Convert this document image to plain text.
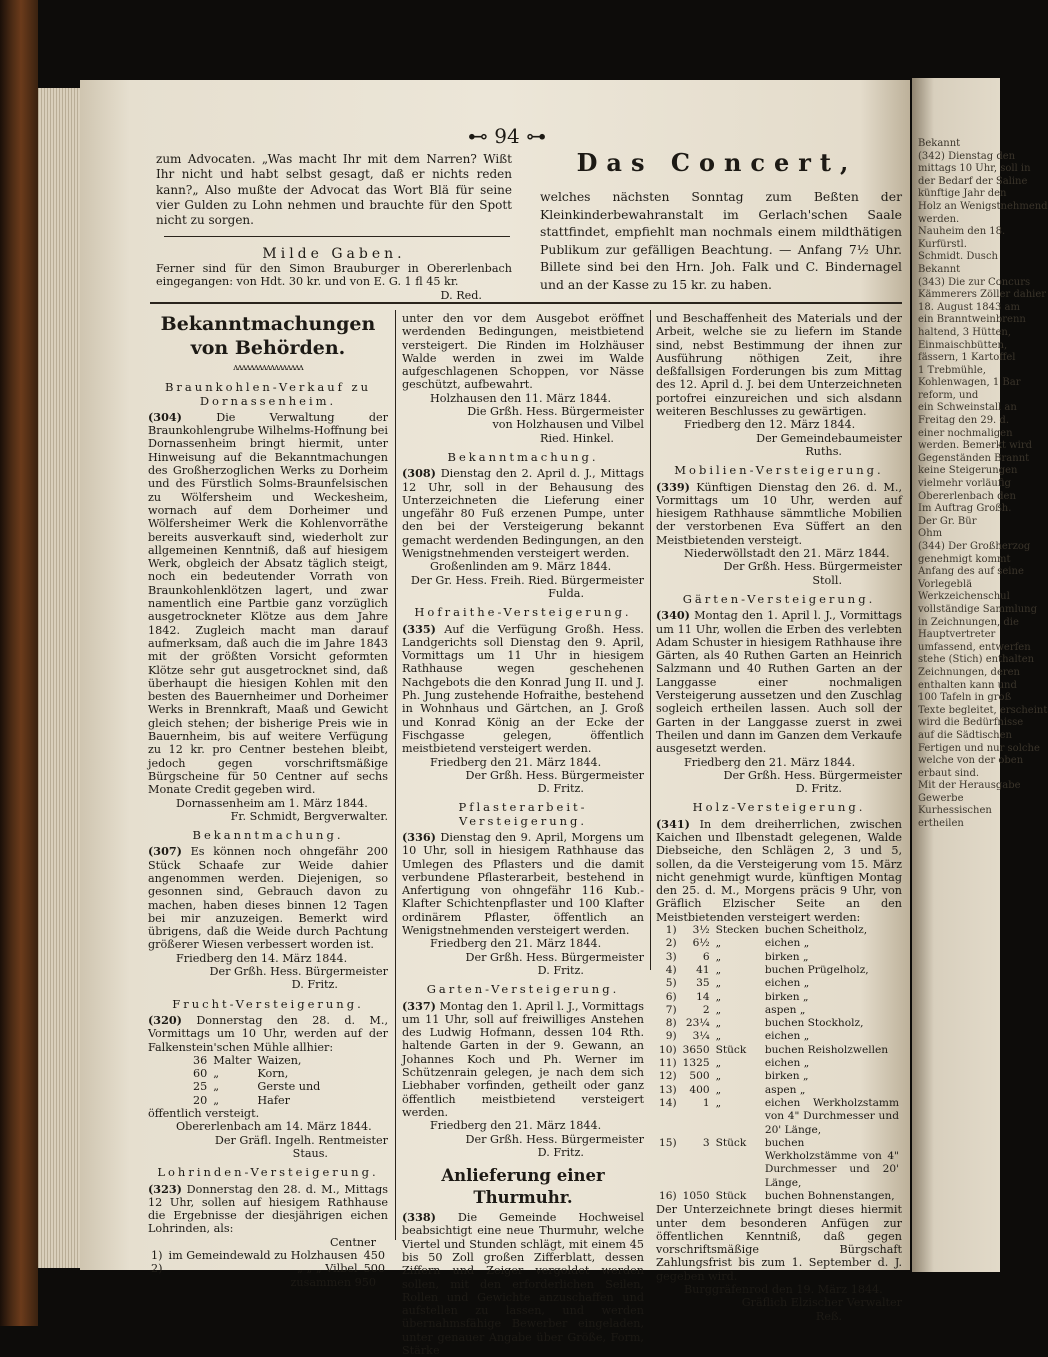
⊷ 94 ⊶

zum Advocaten. „Was macht Ihr mit dem Narren? Wißt Ihr nicht und habt selbst gesagt, daß er nichts reden kann?„ Also mußte der Advocat das Wort Blä für seine vier Gulden zu Lohn nehmen und brauchte für den Spott nicht zu sorgen.

Milde Gaben.

Ferner sind für den Simon Brauburger in Obererlenbach eingegangen: von Hdt. 30 kr. und von E. G. 1 fl 45 kr.

D. Red.

Das Concert,

welches nächsten Sonntag zum Beßten der Kleinkinderbewahranstalt im Gerlach'schen Saale stattfindet, empfiehlt man nochmals einem mildthätigen Publikum zur gefälligen Beachtung. — Anfang 7½ Uhr. Billete sind bei den Hrn. Joh. Falk und C. Bindernagel und an der Kasse zu 15 kr. zu haben.

Bekanntmachungen von Behörden.
ʌʌʌʌʌʌʌʌʌʌʌʌʌʌʌʌʌ
Braunkohlen-Verkauf zu Dornassenheim.

(304)	Die Verwaltung der Braunkohlengrube Wilhelms-Hoffnung bei Dornassenheim bringt hiermit, unter Hinweisung auf die Bekanntmachungen des Großherzoglichen Werks zu Dorheim und des Fürstlich Solms-Braunfelsischen zu Wölfersheim und Weckesheim, wornach auf dem Dorheimer und Wölfersheimer Werk die Kohlenvorräthe bereits ausverkauft sind, wiederholt zur allgemeinen Kenntniß, daß auf hiesigem Werk, obgleich der Absatz täglich steigt, noch ein bedeutender Vorrath von Braunkohlenklötzen lagert, und zwar namentlich eine Partbie ganz vorzüglich ausgetrockneter Klötze aus dem Jahre 1842. Zugleich macht man darauf aufmerksam, daß auch die im Jahre 1843 mit der größten Vorsicht geformten Klötze sehr gut ausgetrocknet sind, daß überhaupt die hiesigen Kohlen mit den besten des Bauernheimer und Dorheimer Werks in Brennkraft, Maaß und Gewicht gleich stehen; der bisherige Preis wie in Bauernheim, bis auf weitere Verfügung zu 12 kr. pro Centner bestehen bleibt, jedoch gegen vorschriftsmäßige Bürgscheine für 50 Centner auf sechs Monate Credit gegeben wird.

Dornassenheim am 1. März 1844.

Fr. Schmidt, Bergverwalter.

Bekanntmachung.

(307) Es können noch ohngefähr 200 Stück Schaafe zur Weide dahier angenommen werden. Diejenigen, so gesonnen sind, Gebrauch davon zu machen, haben dieses binnen 12 Tagen bei mir anzuzeigen. Bemerkt wird übrigens, daß die Weide durch Pachtung größerer Wiesen verbessert worden ist.

Friedberg den 14. März 1844.

Der Grßh. Hess. Bürgermeister

D. Fritz.

Frucht-Versteigerung.

(320) Donnerstag den 28. d. M., Vormittags um 10 Uhr, werden auf der Falkenstein'schen Mühle allhier:

36	Malter	Waizen,
60	„	Korn,
25	„	Gerste und
20	„	Hafer

öffentlich versteigt.

Obererlenbach am 14. März 1844.

Der Gräfl. Ingelh. Rentmeister

Staus.

Lohrinden-Versteigerung.

(323) Donnerstag den 28. d. M., Mittags 12 Uhr, sollen auf hiesigem Rathhause die Ergebnisse der diesjährigen eichen Lohrinden, als:

Centner

1)	im Gemeindewald zu Holzhausen	450
2)	„ „ „ Vilbel	500

zusammen 950

unter den vor dem Ausgebot eröffnet werdenden Bedingungen, meistbietend versteigert. Die Rinden im Holzhäuser Walde werden in zwei im Walde aufgeschlagenen Schoppen, vor Nässe geschützt, aufbewahrt.

Holzhausen den 11. März 1844.

Die Grßh. Hess. Bürgermeister von Holzhausen und Vilbel

Ried. Hinkel.

Bekanntmachung.

(308) Dienstag den 2. April d. J., Mittags 12 Uhr, soll in der Behausung des Unterzeichneten die Lieferung einer ungefähr 80 Fuß erzenen Pumpe, unter den bei der Versteigerung bekannt gemacht werdenden Bedingungen, an den Wenigstnehmenden versteigert werden.

Großenlinden am 9. März 1844.

Der Gr. Hess. Freih. Ried. Bürgermeister

Fulda.

Hofraithe-Versteigerung.

(335) Auf die Verfügung Großh. Hess. Landgerichts soll Dienstag den 9. April, Vormittags um 11 Uhr in hiesigem Rathhause wegen geschehenen Nachgebots die den Konrad Jung II. und J. Ph. Jung zustehende Hofraithe, bestehend in Wohnhaus und Gärtchen, an J. Groß und Konrad König an der Ecke der Fischgasse gelegen, öffentlich meistbietend versteigert werden.

Friedberg den 21. März 1844.

Der Grßh. Hess. Bürgermeister

D. Fritz.

Pflasterarbeit-Versteigerung.

(336) Dienstag den 9. April, Morgens um 10 Uhr, soll in hiesigem Rathhause das Umlegen des Pflasters und die damit verbundene Pflasterarbeit, bestehend in Anfertigung von ohngefähr 116 Kub.-Klafter Schichtenpflaster und 100 Klafter ordinärem Pflaster, öffentlich an Wenigstnehmenden versteigert werden.

Friedberg den 21. März 1844.

Der Grßh. Hess. Bürgermeister

D. Fritz.

Garten-Versteigerung.

(337) Montag den 1. April l. J., Vormittags um 11 Uhr, soll auf freiwilliges Anstehen des Ludwig Hofmann, dessen 104 Rth. haltende Garten in der 9. Gewann, an Johannes Koch und Ph. Werner im Schützenrain gelegen, je nach dem sich Liebhaber vorfinden, getheilt oder ganz öffentlich meistbietend versteigert werden.

Friedberg den 21. März 1844.

Der Grßh. Hess. Bürgermeister

D. Fritz.

Anlieferung einer Thurmuhr.

(338) Die Gemeinde Hochweisel beabsichtigt eine neue Thurmuhr, welche Viertel und Stunden schlägt, mit einem 45 bis 50 Zoll großen Zifferblatt, dessen Ziffern und Zeiger vergoldet werden sollen, mit den erforderlichen Seilen, Rollen und Gewichte anzuschaffen und aufstellen zu lassen, und werden übernahmsfähige Bewerber eingeladen, unter genauer Angabe über Größe, Form, Stärke

und Beschaffenheit des Materials und der Arbeit, welche sie zu liefern im Stande sind, nebst Bestimmung der ihnen zur Ausführung nöthigen Zeit, ihre deßfallsigen Forderungen bis zum Mittag des 12. April d. J. bei dem Unterzeichneten portofrei einzureichen und sich alsdann weiteren Beschlusses zu gewärtigen.

Friedberg den 12. März 1844.

Der Gemeindebaumeister

Ruths.

Mobilien-Versteigerung.

(339) Künftigen Dienstag den 26. d. M., Vormittags um 10 Uhr, werden auf hiesigem Rathhause sämmtliche Mobilien der verstorbenen Eva Süffert an den Meistbietenden versteigt.

Niederwöllstadt den 21. März 1844.

Der Grßh. Hess. Bürgermeister

Stoll.

Gärten-Versteigerung.

(340) Montag den 1. April l. J., Vormittags um 11 Uhr, wollen die Erben des verlebten Adam Schuster in hiesigem Rathhause ihre Gärten, als 40 Ruthen Garten an Heinrich Salzmann und 40 Ruthen Garten an der Langgasse einer nochmaligen Versteigerung aussetzen und den Zuschlag sogleich ertheilen lassen. Auch soll der Garten in der Langgasse zuerst in zwei Theilen und dann im Ganzen dem Verkaufe ausgesetzt werden.

Friedberg den 21. März 1844.

Der Grßh. Hess. Bürgermeister

D. Fritz.

Holz-Versteigerung.

(341) In dem dreiherrlichen, zwischen Kaichen und Ilbenstadt gelegenen, Walde Diebseiche, den Schlägen 2, 3 und 5, sollen, da die Versteigerung vom 15. März nicht genehmigt wurde, künftigen Montag den 25. d. M., Morgens präcis 9 Uhr, von Gräflich Elzischer Seite an den Meistbietenden versteigert werden:

1)	3½	Stecken	buchen Scheitholz,
2)	6½	„	eichen „
3)	6	„	birken „
4)	41	„	buchen Prügelholz,
5)	35	„	eichen „
6)	14	„	birken „
7)	2	„	aspen „
8)	23¼	„	buchen Stockholz,
9)	3¼	„	eichen „
10)	3650	Stück	buchen Reisholzwellen
11)	1325	„	eichen „
12)	500	„	birken „
13)	400	„	aspen „
14)	1	„	eichen Werkholzstamm von 4" Durchmesser und 20' Länge,
15)	3	Stück	buchen Werkholzstämme von 4" Durchmesser und 20' Länge,
16)	1050	Stück	buchen Bohnenstangen,

Der Unterzeichnete bringt dieses hiermit unter dem besonderen Anfügen zur öffentlichen Kenntniß, daß gegen vorschriftsmäßige Bürgschaft Zahlungsfrist bis zum 1. September d. J. gegeben wird.

Burggräfenrod den 19. März 1844.

Gräflich Elzischer Verwalter

Reß.

Bekannt
(342) Dienstag den
mittags 10 Uhr, soll in
der Bedarf der Saline
künftige Jahr den
Holz an Wenigstnehmend
werden.
Nauheim den 18.
Kurfürstl.
Schmidt. Dusch
Bekannt
(343) Die zur Concurs
Kämmerers Zöller dahier
18. August 1843 am
ein Branntweinbrenn
haltend, 3 Hütten,
Einmaischbütten,
fässern, 1 Kartoffel
1 Trebmühle,
Kohlenwagen, 1 Bar
reform, und
ein Schweinstall an
Freitag den 29. d.
einer nochmaligen
werden. Bemerkt wird
Gegenständen Brannt
keine Steigerungen
vielmehr vorläufig
Obererlenbach den
Im Auftrag Großh.
Der Gr. Bür
Ohm
(344) Der Großherzog
genehmigt kommt
Anfang des auf seine
Vorlegeblä
Werkzeichenschul
vollständige Sammlung
in Zeichnungen, die
Hauptvertreter
umfassend, entwerfen
stehe (Stich) enthalten
Zeichnungen, deren
enthalten kann und
100 Tafeln in groß
Texte begleitet, erscheint
wird die Bedürfnisse
auf die Sädtischen
Fertigen und nur solche
welche von der oben
erbaut sind.
Mit der Herausgabe
Gewerbe
Kurhessischen
ertheilen
